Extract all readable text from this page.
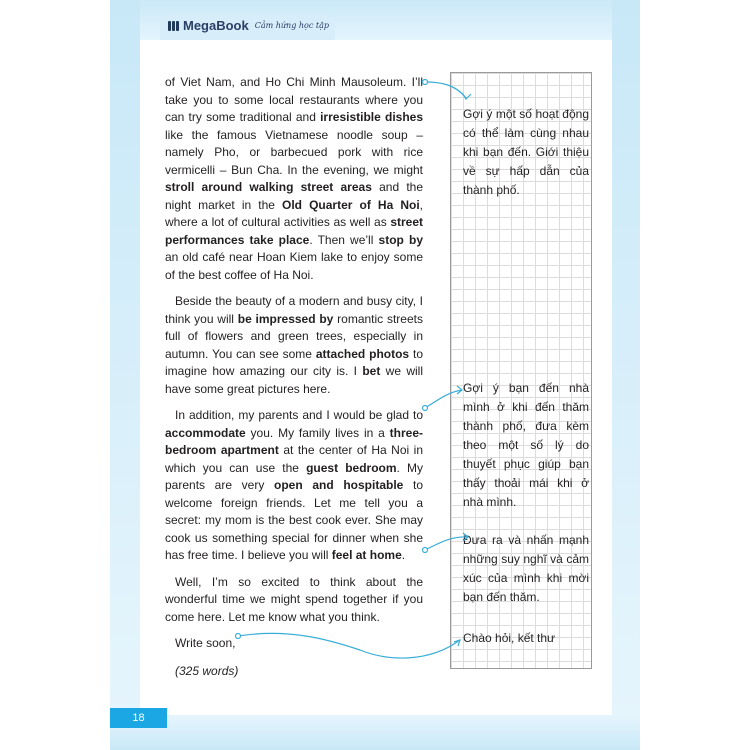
MegaBook Cảm hứng học tập

of Viet Nam, and Ho Chi Minh Mausoleum. I’ll take you to some local restaurants where you can try some traditional and irresistible dishes like the famous Vietnamese noodle soup – namely Pho, or barbecued pork with rice vermicelli – Bun Cha. In the evening, we might stroll around walking street areas and the night market in the Old Quarter of Ha Noi, where a lot of cultural activities as well as street performances take place. Then we’ll stop by an old café near Hoan Kiem lake to enjoy some of the best coffee of Ha Noi.

Beside the beauty of a modern and busy city, I think you will be impressed by romantic streets full of flowers and green trees, especially in autumn. You can see some attached photos to imagine how amazing our city is. I bet we will have some great pictures here.

In addition, my parents and I would be glad to accommodate you. My family lives in a three-bedroom apartment at the center of Ha Noi in which you can use the guest bedroom. My parents are very open and hospitable to welcome foreign friends. Let me tell you a secret: my mom is the best cook ever. She may cook us something special for dinner when she has free time. I believe you will feel at home.

Well, I’m so excited to think about the wonderful time we might spend together if you come here. Let me know what you think.

Write soon,

(325 words)

Gợi ý một số hoạt động có thể làm cùng nhau khi bạn đến. Giới thiệu về sự hấp dẫn của thành phố.
Gợi ý bạn đến nhà mình ở khi đến thăm thành phố, đưa kèm theo một số lý do thuyết phục giúp bạn thấy thoải mái khi ở nhà mình.
Đưa ra và nhấn mạnh những suy nghĩ và cảm xúc của mình khi mời bạn đến thăm.
Chào hỏi, kết thư
18
